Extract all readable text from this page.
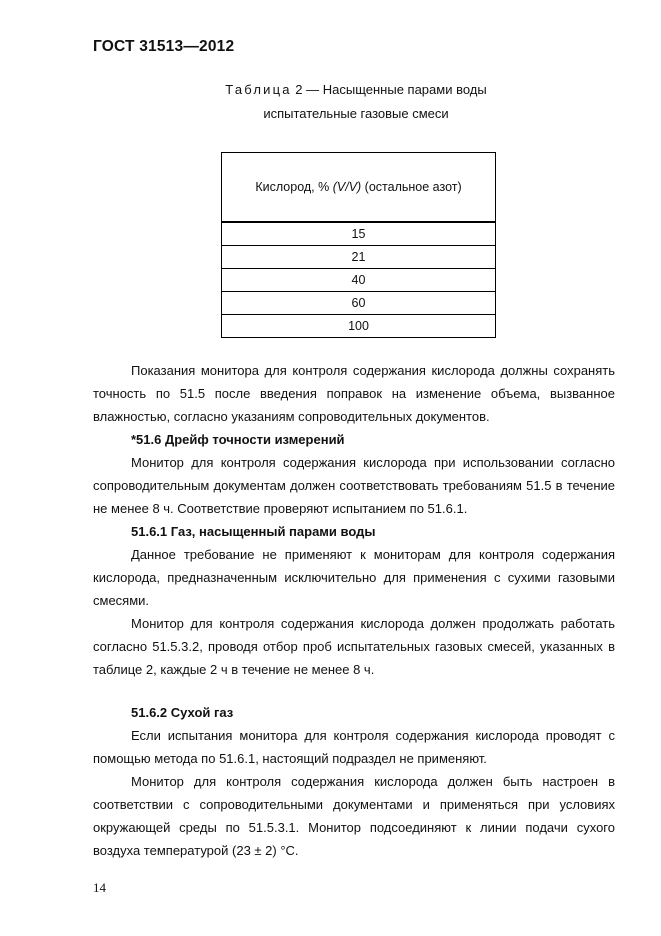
ГОСТ 31513—2012
Таблица 2 — Насыщенные парами воды
испытательные газовые смеси
Кислород, % (V/V) (остальное азот)
15
21
40
60
100

Показания монитора для контроля содержания кислорода должны сохранять точность по 51.5 после введения поправок на изменение объема, вызванное влажностью, согласно указаниям сопроводительных документов.

*51.6 Дрейф точности измерений

Монитор для контроля содержания кислорода при использовании согласно сопроводительным документам должен соответствовать требованиям 51.5 в течение не менее 8 ч. Соответствие проверяют испытанием по 51.6.1.

51.6.1 Газ, насыщенный парами воды

Данное требование не применяют к мониторам для контроля содержания кислорода, предназначенным исключительно для применения с сухими газовыми смесями.

Монитор для контроля содержания кислорода должен продолжать работать согласно 51.5.3.2, проводя отбор проб испытательных газовых смесей, указанных в таблице 2, каждые 2 ч в течение не менее 8 ч.

51.6.2 Сухой газ

Если испытания монитора для контроля содержания кислорода проводят с помощью метода по 51.6.1, настоящий подраздел не применяют.

Монитор для контроля содержания кислорода должен быть настроен в соответствии с сопроводительными документами и применяться при условиях окружающей среды по 51.5.3.1. Монитор подсоединяют к линии подачи сухого воздуха температурой (23 ± 2) °С.

14
